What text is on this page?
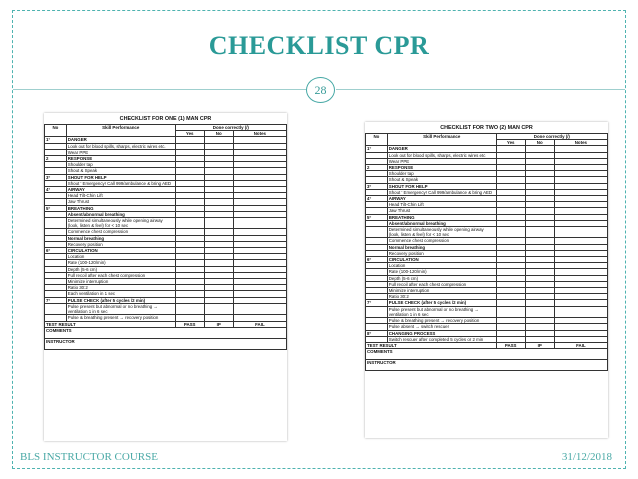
CHECKLIST CPR
28
CHECKLIST FOR ONE (1) MAN CPR
No	Skill Performance	Done correctly (/)		
		Yes	No	Notes
1°	DANGER			
	Look out for blood spills, sharps, electric wires etc.			
	Wear PPE			
2	RESPONSE			
	Shoulder tap			
	Shout & Speak			
3°	SHOUT FOR HELP			
	Shout ' Emergency! Call 999/ambulance & bring AED			
4°	AIRWAY			
	Head Tilt-Chin Lift			
	Jaw Thrust			
5°	BREATHING			
	Absent/abnormal breathing			
	Determined simultaneously while opening airway (look, listen & feel) for < 10 sec			
	Commence chest compression			
	Normal breathing			
	Recovery position			
6°	CIRCULATION			
	Location			
	Rate (100-120/min)			
	Depth (5-6 cm)			
	Full recoil after each chest compression			
	Minimize interruption			
	Ratio 30:2			
	Each ventilation in 1 sec			
7°	PULSE CHECK (after 5 cycles /2 min)			
	Pulse present but abnormal or no breathing → ventilation 1 in 6 sec			
	Pulse & breathing present → recovery position			
TEST RESULT		PASS	IP	FAIL
COMMENTS				
INSTRUCTOR				
CHECKLIST FOR TWO (2) MAN CPR
No	Skill Performance	Done correctly (/)		
		Yes	No	Notes
1°	DANGER			
	Look out for blood spills, sharps, electric wires etc			
	Wear PPE			
2	RESPONSE			
	Shoulder tap			
	Shout & Speak			
3°	SHOUT FOR HELP			
	Shout ' Emergency! Call 999/ambulance & bring AED			
4°	AIRWAY			
	Head Tilt-Chin Lift			
	Jaw Thrust			
5°	BREATHING			
	Absent/abnormal breathing			
	Determined simultaneously while opening airway (look, listen & feel) for < 10 sec			
	Commence chest compression			
	Normal breathing			
	Recovery position			
6°	CIRCULATION			
	Location			
	Rate (100-120/min)			
	Depth (5-6 cm)			
	Full recoil after each chest compression			
	Minimize interruption			
	Ratio 30:2			
7°	PULSE CHECK (after 5 cycles /2 min)			
	Pulse present but abnormal or no breathing → ventilation 1 in 6 sec			
	Pulse & breathing present → recovery position			
	Pulse absent → switch rescuer			
8°	CHANGING PROCESS			
	Switch rescuer after completed 5 cycles or 2 min			
TEST RESULT		PASS	IP	FAIL
COMMENTS				
INSTRUCTOR				
BLS INSTRUCTOR COURSE	31/12/2018
